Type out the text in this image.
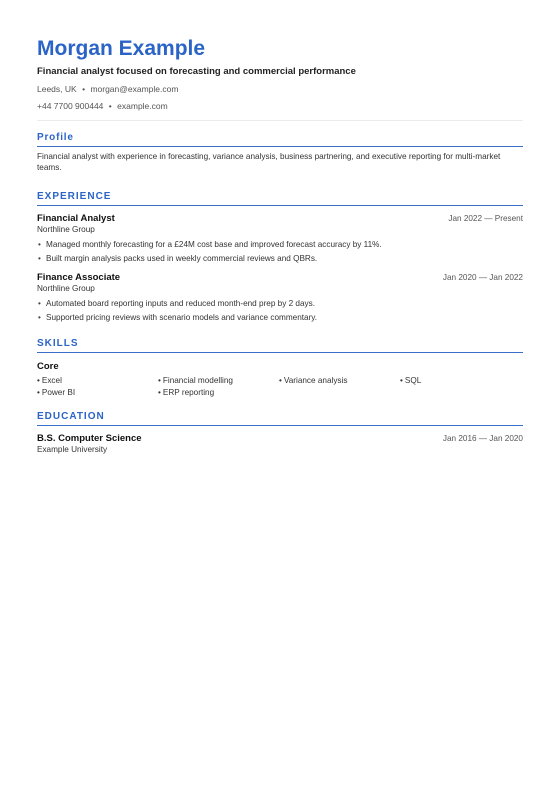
Morgan Example
Financial analyst focused on forecasting and commercial performance
Leeds, UK • morgan@example.com
+44 7700 900444 • example.com
Profile
Financial analyst with experience in forecasting, variance analysis, business partnering, and executive reporting for multi-market teams.
EXPERIENCE
Financial Analyst	Jan 2022 — Present
Northline Group
• Managed monthly forecasting for a £24M cost base and improved forecast accuracy by 11%.
• Built margin analysis packs used in weekly commercial reviews and QBRs.
Finance Associate	Jan 2020 — Jan 2022
Northline Group
• Automated board reporting inputs and reduced month-end prep by 2 days.
• Supported pricing reviews with scenario models and variance commentary.
SKILLS
Core
• Excel	• Financial modelling	• Variance analysis	• SQL
• Power BI	• ERP reporting
EDUCATION
B.S. Computer Science	Jan 2016 — Jan 2020
Example University
